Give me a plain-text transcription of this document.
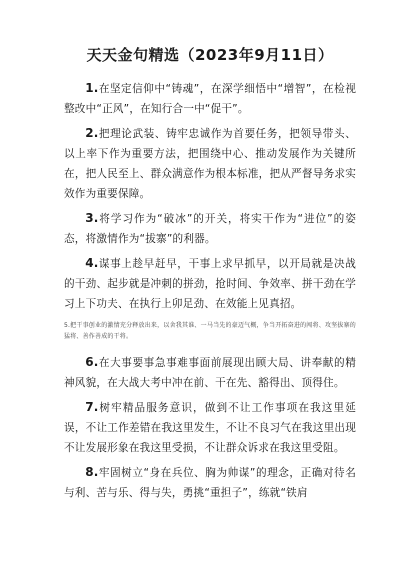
天天金句精选（2023年9月11日）

1.在坚定信仰中“铸魂”，在深学细悟中“增智”，在检视整改中“正风”，在知行合一中“促干”。

2.把理论武装、铸牢忠诚作为首要任务，把领导带头、以上率下作为重要方法，把围绕中心、推动发展作为关键所在，把人民至上、群众满意作为根本标准，把从严督导务求实效作为重要保障。

3.将学习作为“破冰”的开关，将实干作为“进位”的姿态，将激情作为“拔寨”的利器。

4.谋事上趁早赶早，干事上求早抓早，以开局就是决战的干劲、起步就是冲刺的拼劲，抢时间、争效率、拼干劲在学习上下功夫、在执行上卯足劲、在效能上见真招。

5.把干事创业的激情充分释放出来，以舍我其谁、一马当先的豪迈气概，争当开拓奋进的闯将、攻坚拔寨的猛将、善作善成的干将。

6.在大事要事急事难事面前展现出顾大局、讲奉献的精神风貌，在大战大考中冲在前、干在先、豁得出、顶得住。

7.树牢精品服务意识，做到不让工作事项在我这里延误，不让工作差错在我这里发生，不让不良习气在我这里出现不让发展形象在我这里受损，不让群众诉求在我这里受阻。

8.牢固树立“身在兵位、胸为帅谋”的理念，正确对待名与利、苦与乐、得与失，勇挑“重担子”，练就“铁肩
